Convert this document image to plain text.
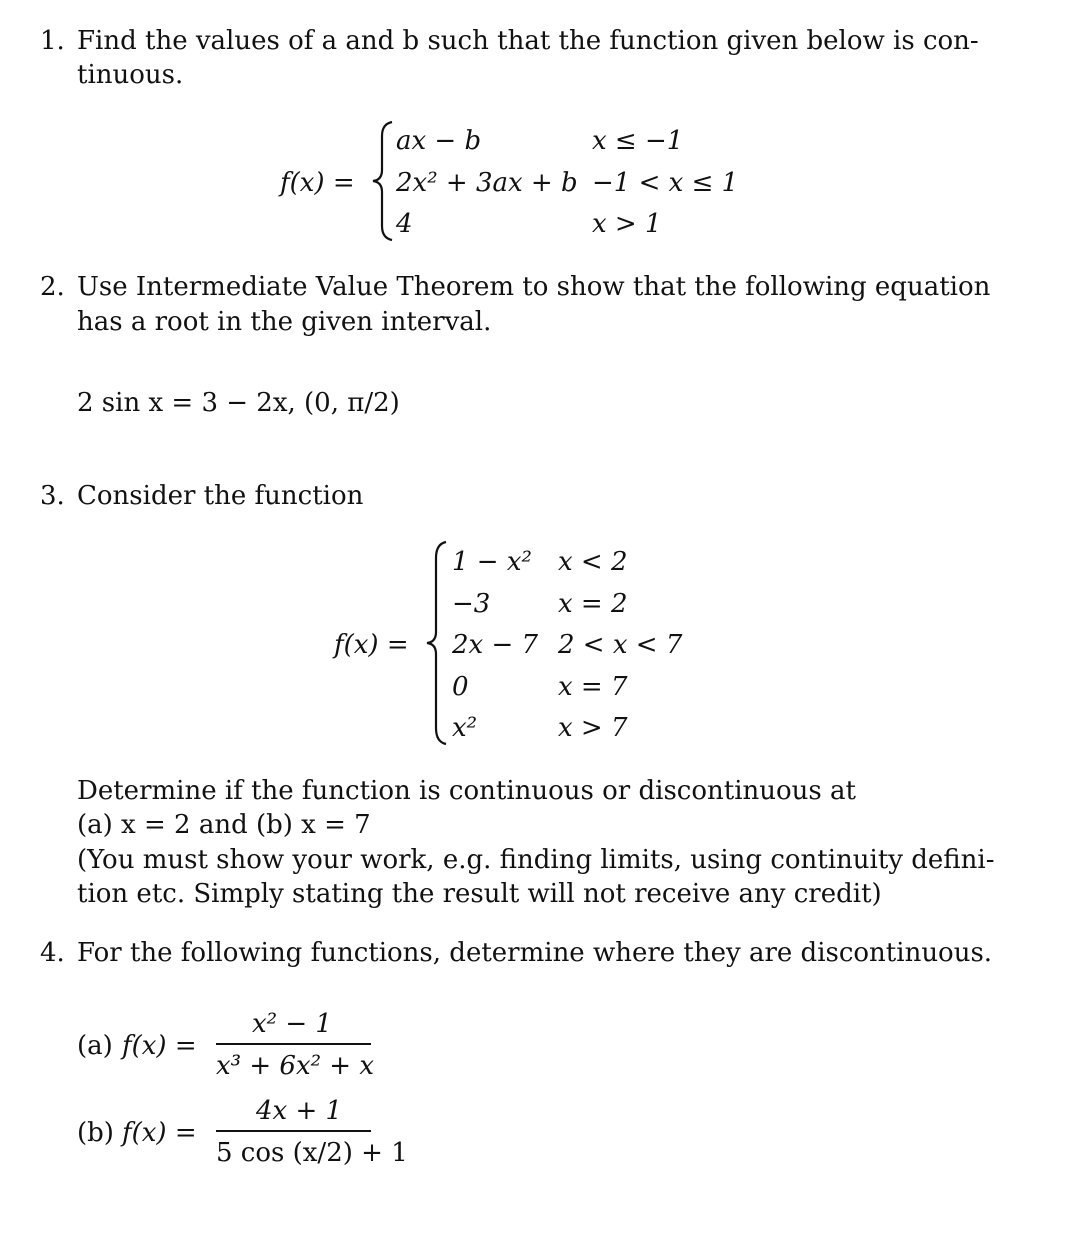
1. Find the values of a and b such that the function given below is con-
tinuous.
f(x) =
ax − b	x ≤ −1
2x² + 3ax + b −1 < x ≤ 1
4	x > 1
2. Use Intermediate Value Theorem to show that the following equation
has a root in the given interval.
2 sin x = 3 − 2x, (0, π/2)
3. Consider the function
f(x) =
1 − x² x < 2
−3	x = 2
2x − 7 2 < x < 7
0	x = 7
x²	x > 7
Determine if the function is continuous or discontinuous at
(a) x = 2 and (b) x = 7
(You must show your work, e.g. finding limits, using continuity defini-
tion etc. Simply stating the result will not receive any credit)
4. For the following functions, determine where they are discontinuous.
(a) f(x) =
x² − 1
x³ + 6x² + x
(b) f(x) =
4x + 1
5 cos (x/2) + 1
